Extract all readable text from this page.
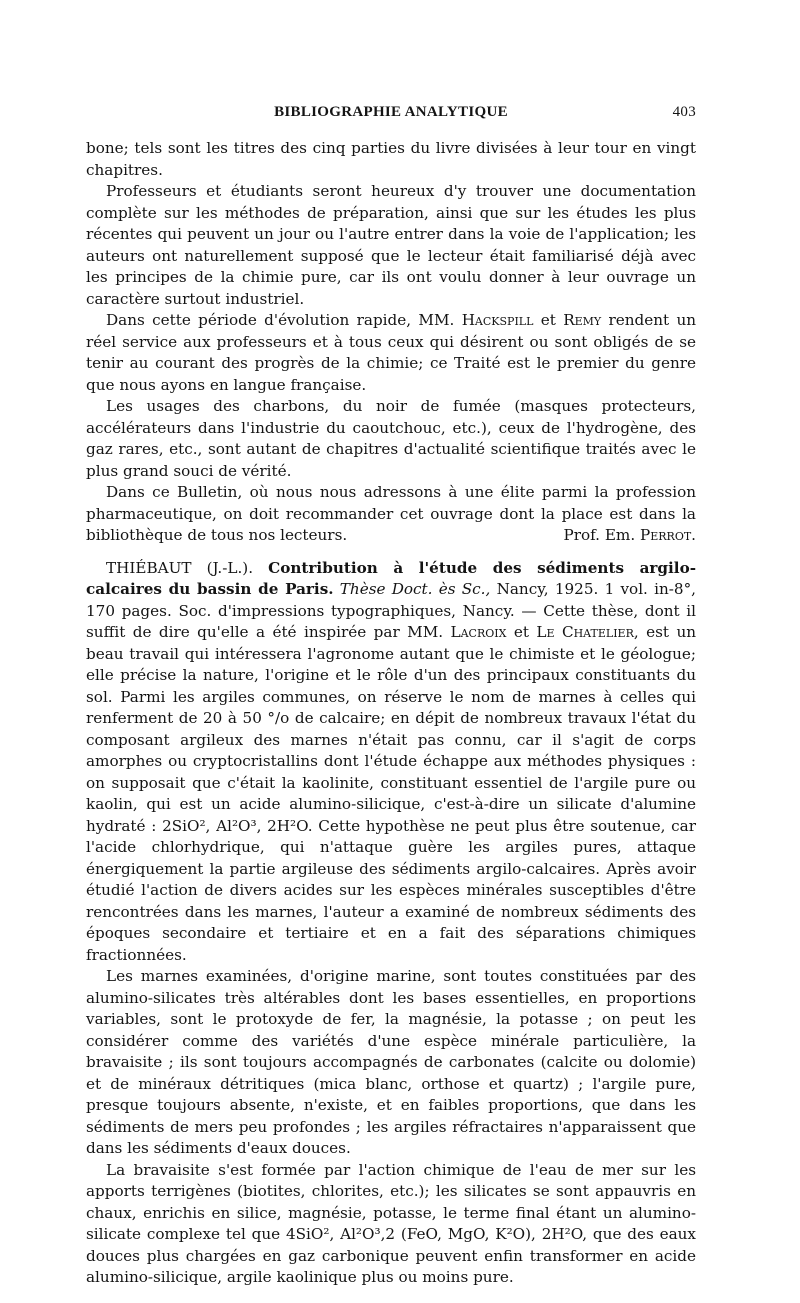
BIBLIOGRAPHIE ANALYTIQUE	403

bone; tels sont les titres des cinq parties du livre divisées à leur tour en vingt chapitres.

Professeurs et étudiants seront heureux d'y trouver une documentation complète sur les méthodes de préparation, ainsi que sur les études les plus récentes qui peuvent un jour ou l'autre entrer dans la voie de l'application; les auteurs ont naturellement supposé que le lecteur était familiarisé déjà avec les principes de la chimie pure, car ils ont voulu donner à leur ouvrage un caractère surtout industriel.

Dans cette période d'évolution rapide, MM. Hackspill et Remy rendent un réel service aux professeurs et à tous ceux qui désirent ou sont obligés de se tenir au courant des progrès de la chimie; ce Traité est le premier du genre que nous ayons en langue française.

Les usages des charbons, du noir de fumée (masques protecteurs, accélérateurs dans l'industrie du caoutchouc, etc.), ceux de l'hydrogène, des gaz rares, etc., sont autant de chapitres d'actualité scientifique traités avec le plus grand souci de vérité.

Dans ce Bulletin, où nous nous adressons à une élite parmi la profession pharmaceutique, on doit recommander cet ouvrage dont la place est dans la bibliothèque de tous nos lecteurs.	Prof. Em. Perrot.

THIÉBAUT (J.-L.). Contribution à l'étude des sédiments argilo-calcaires du bassin de Paris. Thèse Doct. ès Sc., Nancy, 1925. 1 vol. in-8°, 170 pages. Soc. d'impressions typographiques, Nancy. — Cette thèse, dont il suffit de dire qu'elle a été inspirée par MM. Lacroix et Le Chatelier, est un beau travail qui intéressera l'agronome autant que le chimiste et le géologue; elle précise la nature, l'origine et le rôle d'un des principaux constituants du sol. Parmi les argiles communes, on réserve le nom de marnes à celles qui renferment de 20 à 50 °/o de calcaire; en dépit de nombreux travaux l'état du composant argileux des marnes n'était pas connu, car il s'agit de corps amorphes ou cryptocristallins dont l'étude échappe aux méthodes physiques : on supposait que c'était la kaolinite, constituant essentiel de l'argile pure ou kaolin, qui est un acide alumino-silicique, c'est-à-dire un silicate d'alumine hydraté : 2SiO², Al²O³, 2H²O. Cette hypothèse ne peut plus être soutenue, car l'acide chlorhydrique, qui n'attaque guère les argiles pures, attaque énergiquement la partie argileuse des sédiments argilo-calcaires. Après avoir étudié l'action de divers acides sur les espèces minérales susceptibles d'être rencontrées dans les marnes, l'auteur a examiné de nombreux sédiments des époques secondaire et tertiaire et en a fait des séparations chimiques fractionnées.

Les marnes examinées, d'origine marine, sont toutes constituées par des alumino-silicates très altérables dont les bases essentielles, en proportions variables, sont le protoxyde de fer, la magnésie, la potasse ; on peut les considérer comme des variétés d'une espèce minérale particulière, la bravaisite ; ils sont toujours accompagnés de carbonates (calcite ou dolomie) et de minéraux détritiques (mica blanc, orthose et quartz) ; l'argile pure, presque toujours absente, n'existe, et en faibles proportions, que dans les sédiments de mers peu profondes ; les argiles réfractaires n'apparaissent que dans les sédiments d'eaux douces.

La bravaisite s'est formée par l'action chimique de l'eau de mer sur les apports terrigènes (biotites, chlorites, etc.); les silicates se sont appauvris en chaux, enrichis en silice, magnésie, potasse, le terme final étant un alumino-silicate complexe tel que 4SiO², Al²O³,2 (FeO, MgO, K²O), 2H²O, que des eaux douces plus chargées en gaz carbonique peuvent enfin transformer en acide alumino-silicique, argile kaolinique plus ou moins pure.
